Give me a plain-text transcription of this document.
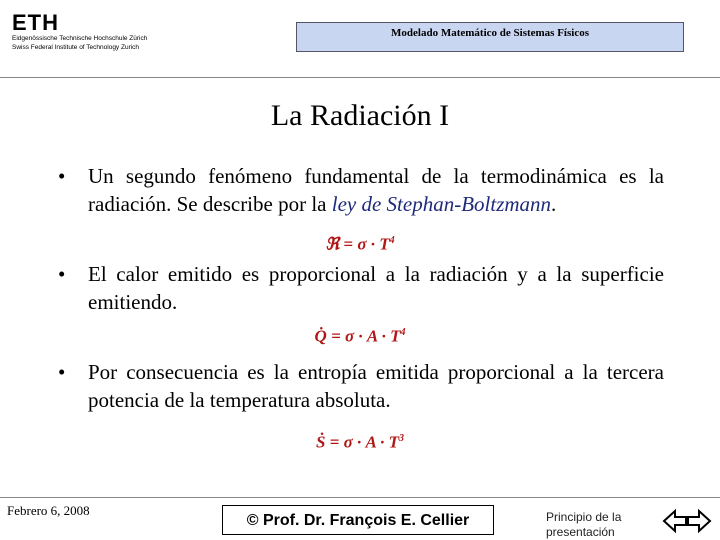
ETH
Eidgenössische Technische Hochschule Zürich
Swiss Federal Institute of Technology Zurich
Modelado Matemático de Sistemas Físicos
La Radiación I
• Un segundo fenómeno fundamental de la termodinámica es la radiación. Se describe por la ley de Stephan-Boltzmann.
ℜ = $\sigma \cdot T^4$
• El calor emitido es proporcional a la radiación y a la superficie emitiendo.
Q̇ = $\sigma \cdot A \cdot T^4$
• Por consecuencia es la entropía emitida proporcional a la tercera potencia de la temperatura absoluta.
Ṡ = $\sigma \cdot A \cdot T^3$
Febrero 6, 2008
© Prof. Dr. François E. Cellier	Principio de la presentación
